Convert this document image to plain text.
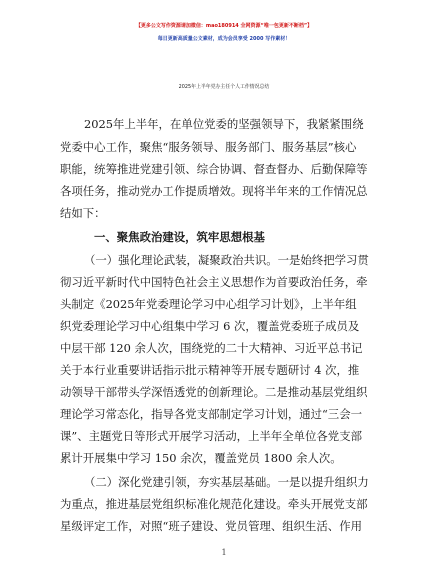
【更多公文写作资源请加微信：mao180914 全网资源“唯一包更新不断档”】
每日更新高质量公文素材，成为会员享受 2000 写作素材！
2025年上半年党办主任个人工作情况总结
2025年上半年，在单位党委的坚强领导下，我紧紧围绕
党委中心工作，聚焦“服务领导、服务部门、服务基层”核心
职能，统筹推进党建引领、综合协调、督查督办、后勤保障等
各项任务，推动党办工作提质增效。现将半年来的工作情况总
结如下：
一、聚焦政治建设，筑牢思想根基
（一）强化理论武装，凝聚政治共识。一是始终把学习贯
彻习近平新时代中国特色社会主义思想作为首要政治任务，牵
头制定《2025年党委理论学习中心组学习计划》，上半年组
织党委理论学习中心组集中学习 6 次，覆盖党委班子成员及
中层干部 120 余人次，围绕党的二十大精神、习近平总书记
关于本行业重要讲话指示批示精神等开展专题研讨 4 次，推
动领导干部带头学深悟透党的创新理论。二是推动基层党组织
理论学习常态化，指导各党支部制定学习计划，通过“三会一
课”、主题党日等形式开展学习活动，上半年全单位各党支部
累计开展集中学习 150 余次，覆盖党员 1800 余人次。
（二）深化党建引领，夯实基层基础。一是以提升组织力
为重点，推进基层党组织标准化规范化建设。牵头开展党支部
星级评定工作，对照“班子建设、党员管理、组织生活、作用
1
